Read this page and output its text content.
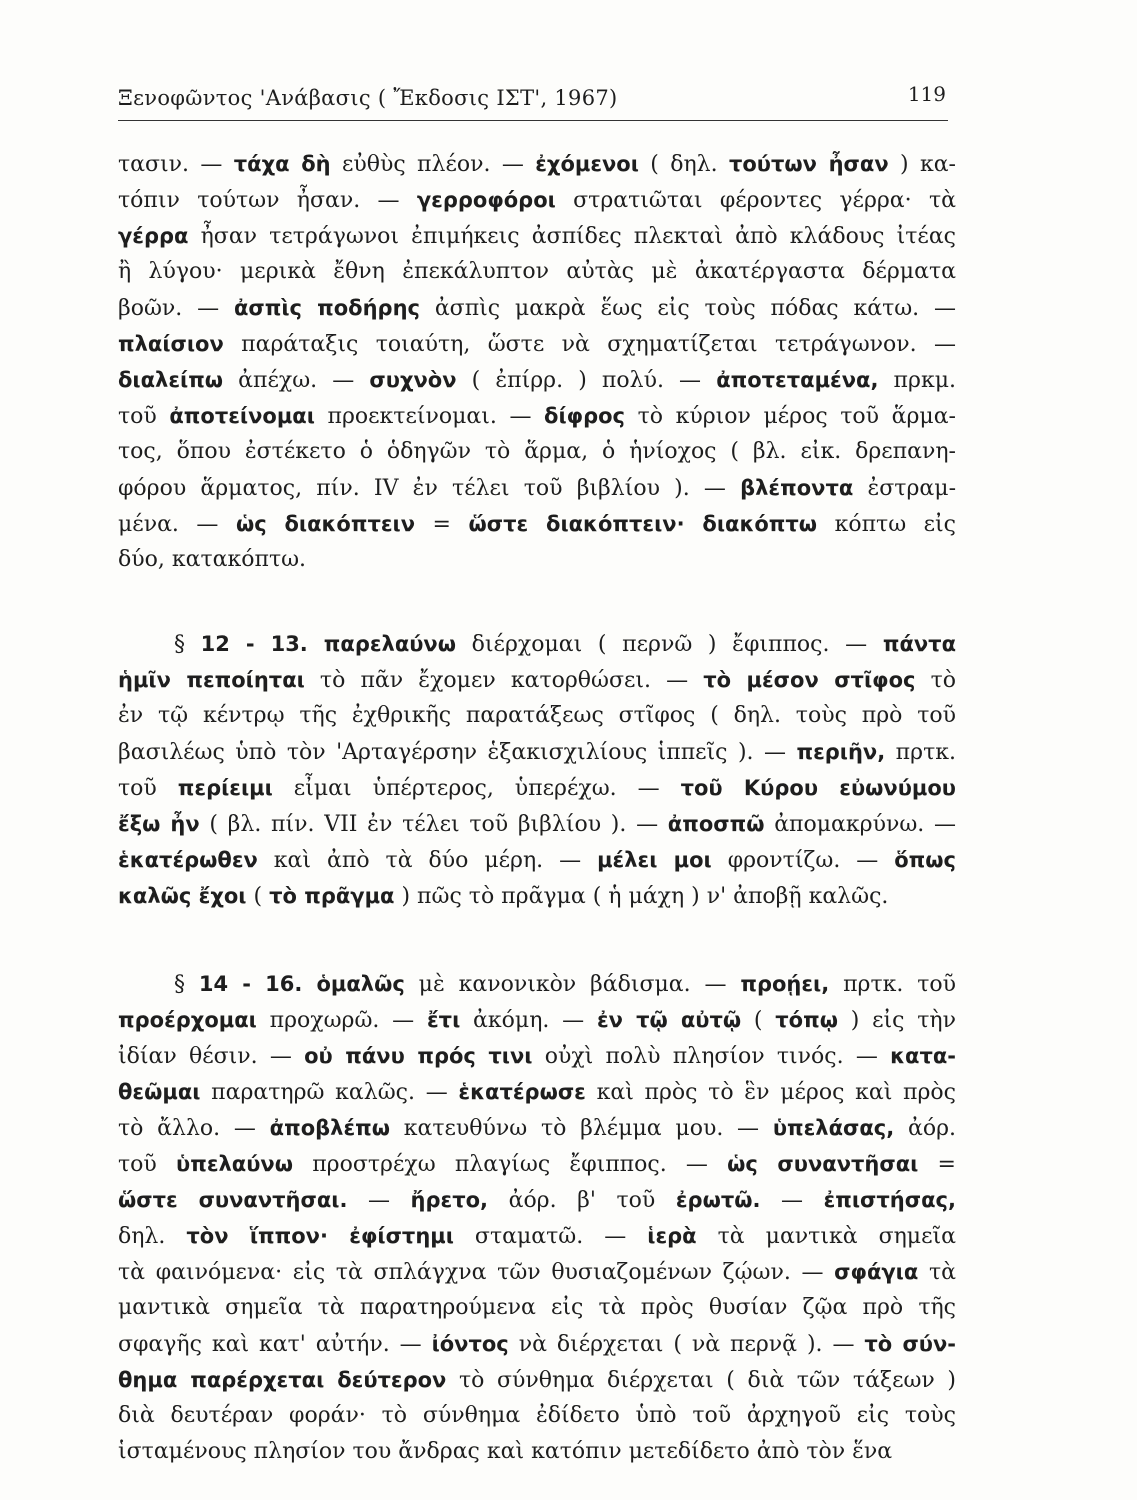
Ξενοφῶντος 'Ανάβασις ( Ἔκδοσις ΙΣΤ', 1967)	119
τασιν. — τάχα δὴ εὐθὺς πλέον. — ἐχόμενοι ( δηλ. τούτων ἦσαν ) κα-
τόπιν τούτων ἦσαν. — γερροφόροι στρατιῶται φέροντες γέρρα· τὰ
γέρρα ἦσαν τετράγωνοι ἐπιμήκεις ἀσπίδες πλεκταὶ ἀπὸ κλάδους ἰτέας
ἢ λύγου· μερικὰ ἔθνη ἐπεκάλυπτον αὐτὰς μὲ ἀκατέργαστα δέρματα
βοῶν. — ἀσπὶς ποδήρης ἀσπὶς μακρὰ ἕως εἰς τοὺς πόδας κάτω. —
πλαίσιον παράταξις τοιαύτη, ὥστε νὰ σχηματίζεται τετράγωνον. —
διαλείπω ἀπέχω. — συχνὸν ( ἐπίρρ. ) πολύ. — ἀποτεταμένα, πρκμ.
τοῦ ἀποτείνομαι προεκτείνομαι. — δίφρος τὸ κύριον μέρος τοῦ ἅρμα-
τος, ὅπου ἐστέκετο ὁ ὁδηγῶν τὸ ἅρμα, ὁ ἡνίοχος ( βλ. εἰκ. δρεπανη-
φόρου ἅρματος, πίν. IV ἐν τέλει τοῦ βιβλίου ). — βλέποντα ἐστραμ-
μένα. — ὡς διακόπτειν = ὥστε διακόπτειν· διακόπτω κόπτω εἰς
δύο, κατακόπτω.
§ 12 - 13. παρελαύνω διέρχομαι ( περνῶ ) ἔφιππος. — πάντα
ἡμῖν πεποίηται τὸ πᾶν ἔχομεν κατορθώσει. — τὸ μέσον στῖφος τὸ
ἐν τῷ κέντρῳ τῆς ἐχθρικῆς παρατάξεως στῖφος ( δηλ. τοὺς πρὸ τοῦ
βασιλέως ὑπὸ τὸν 'Αρταγέρσην ἑξακισχιλίους ἱππεῖς ). — περιῆν, πρτκ.
τοῦ περίειμι εἶμαι ὑπέρτερος, ὑπερέχω. — τοῦ Κύρου εὐωνύμου
ἔξω ἦν ( βλ. πίν. VII ἐν τέλει τοῦ βιβλίου ). — ἀποσπῶ ἀπομακρύνω. —
ἑκατέρωθεν καὶ ἀπὸ τὰ δύο μέρη. — μέλει μοι φροντίζω. — ὅπως
καλῶς ἔχοι ( τὸ πρᾶγμα ) πῶς τὸ πρᾶγμα ( ἡ μάχη ) ν' ἀποβῇ καλῶς.
§ 14 - 16. ὁμαλῶς μὲ κανονικὸν βάδισμα. — προῄει, πρτκ. τοῦ
προέρχομαι προχωρῶ. — ἔτι ἀκόμη. — ἐν τῷ αὐτῷ ( τόπῳ ) εἰς τὴν
ἰδίαν θέσιν. — οὐ πάνυ πρός τινι οὐχὶ πολὺ πλησίον τινός. — κατα-
θεῶμαι παρατηρῶ καλῶς. — ἑκατέρωσε καὶ πρὸς τὸ ἓν μέρος καὶ πρὸς
τὸ ἄλλο. — ἀποβλέπω κατευθύνω τὸ βλέμμα μου. — ὑπελάσας, ἀόρ.
τοῦ ὑπελαύνω προστρέχω πλαγίως ἔφιππος. — ὡς συναντῆσαι =
ὥστε συναντῆσαι. — ἤρετο, ἀόρ. β' τοῦ ἐρωτῶ. — ἐπιστήσας,
δηλ. τὸν ἵππον· ἐφίστημι σταματῶ. — ἱερὰ τὰ μαντικὰ σημεῖα
τὰ φαινόμενα· εἰς τὰ σπλάγχνα τῶν θυσιαζομένων ζῴων. — σφάγια τὰ
μαντικὰ σημεῖα τὰ παρατηρούμενα εἰς τὰ πρὸς θυσίαν ζῷα πρὸ τῆς
σφαγῆς καὶ κατ' αὐτήν. — ἰόντος νὰ διέρχεται ( νὰ περνᾷ ). — τὸ σύν-
θημα παρέρχεται δεύτερον τὸ σύνθημα διέρχεται ( διὰ τῶν τάξεων )
διὰ δευτέραν φοράν· τὸ σύνθημα ἐδίδετο ὑπὸ τοῦ ἀρχηγοῦ εἰς τοὺς
ἱσταμένους πλησίον του ἄνδρας καὶ κατόπιν μετεδίδετο ἀπὸ τὸν ἕνα
